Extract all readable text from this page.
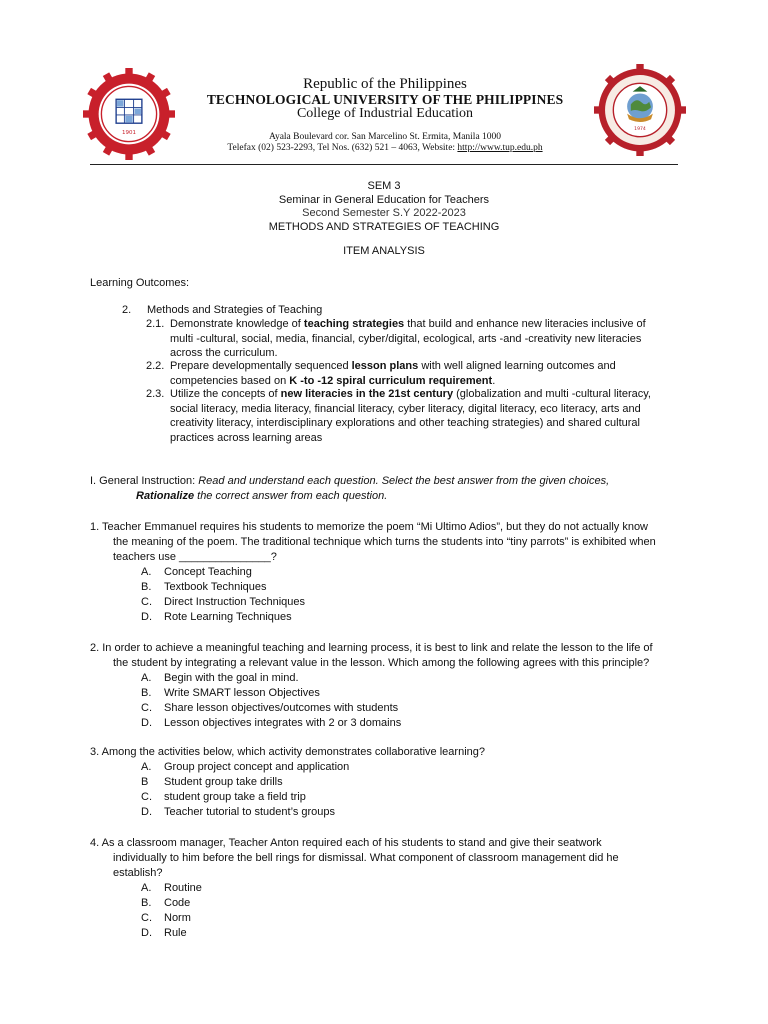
1901
1974
Republic of the Philippines
TECHNOLOGICAL UNIVERSITY OF THE PHILIPPINES
College of Industrial Education
Ayala Boulevard cor. San Marcelino St. Ermita, Manila 1000
Telefax (02) 523-2293, Tel Nos. (632) 521 – 4063, Website: http://www.tup.edu.ph
SEM 3
Seminar in General Education for Teachers
Second Semester S.Y 2022-2023
METHODS AND STRATEGIES OF TEACHING
ITEM ANALYSIS
Learning Outcomes:
2. Methods and Strategies of Teaching
2.1. Demonstrate knowledge of teaching strategies that build and enhance new literacies inclusive of
multi -cultural, social, media, financial, cyber/digital, ecological, arts -and -creativity new literacies
across the curriculum.
2.2. Prepare developmentally sequenced lesson plans with well aligned learning outcomes and
competencies based on K -to -12 spiral curriculum requirement.
2.3. Utilize the concepts of new literacies in the 21st century (globalization and multi -cultural literacy,
social literacy, media literacy, financial literacy, cyber literacy, digital literacy, eco literacy, arts and
creativity literacy, interdisciplinary explorations and other teaching strategies) and shared cultural
practices across learning areas
I. General Instruction: Read and understand each question. Select the best answer from the given choices,
Rationalize the correct answer from each question.
1. Teacher Emmanuel requires his students to memorize the poem “Mi Ultimo Adios”, but they do not actually know
the meaning of the poem. The traditional technique which turns the students into “tiny parrots” is exhibited when
teachers use _______________?
A. Concept Teaching
B. Textbook Techniques
C. Direct Instruction Techniques
D. Rote Learning Techniques
2. In order to achieve a meaningful teaching and learning process, it is best to link and relate the lesson to the life of
the student by integrating a relevant value in the lesson. Which among the following agrees with this principle?
A. Begin with the goal in mind.
B. Write SMART lesson Objectives
C. Share lesson objectives/outcomes with students
D. Lesson objectives integrates with 2 or 3 domains
3. Among the activities below, which activity demonstrates collaborative learning?
A. Group project concept and application
B Student group take drills
C. student group take a field trip
D. Teacher tutorial to student’s groups
4. As a classroom manager, Teacher Anton required each of his students to stand and give their seatwork
individually to him before the bell rings for dismissal. What component of classroom management did he
establish?
A. Routine
B. Code
C. Norm
D. Rule
